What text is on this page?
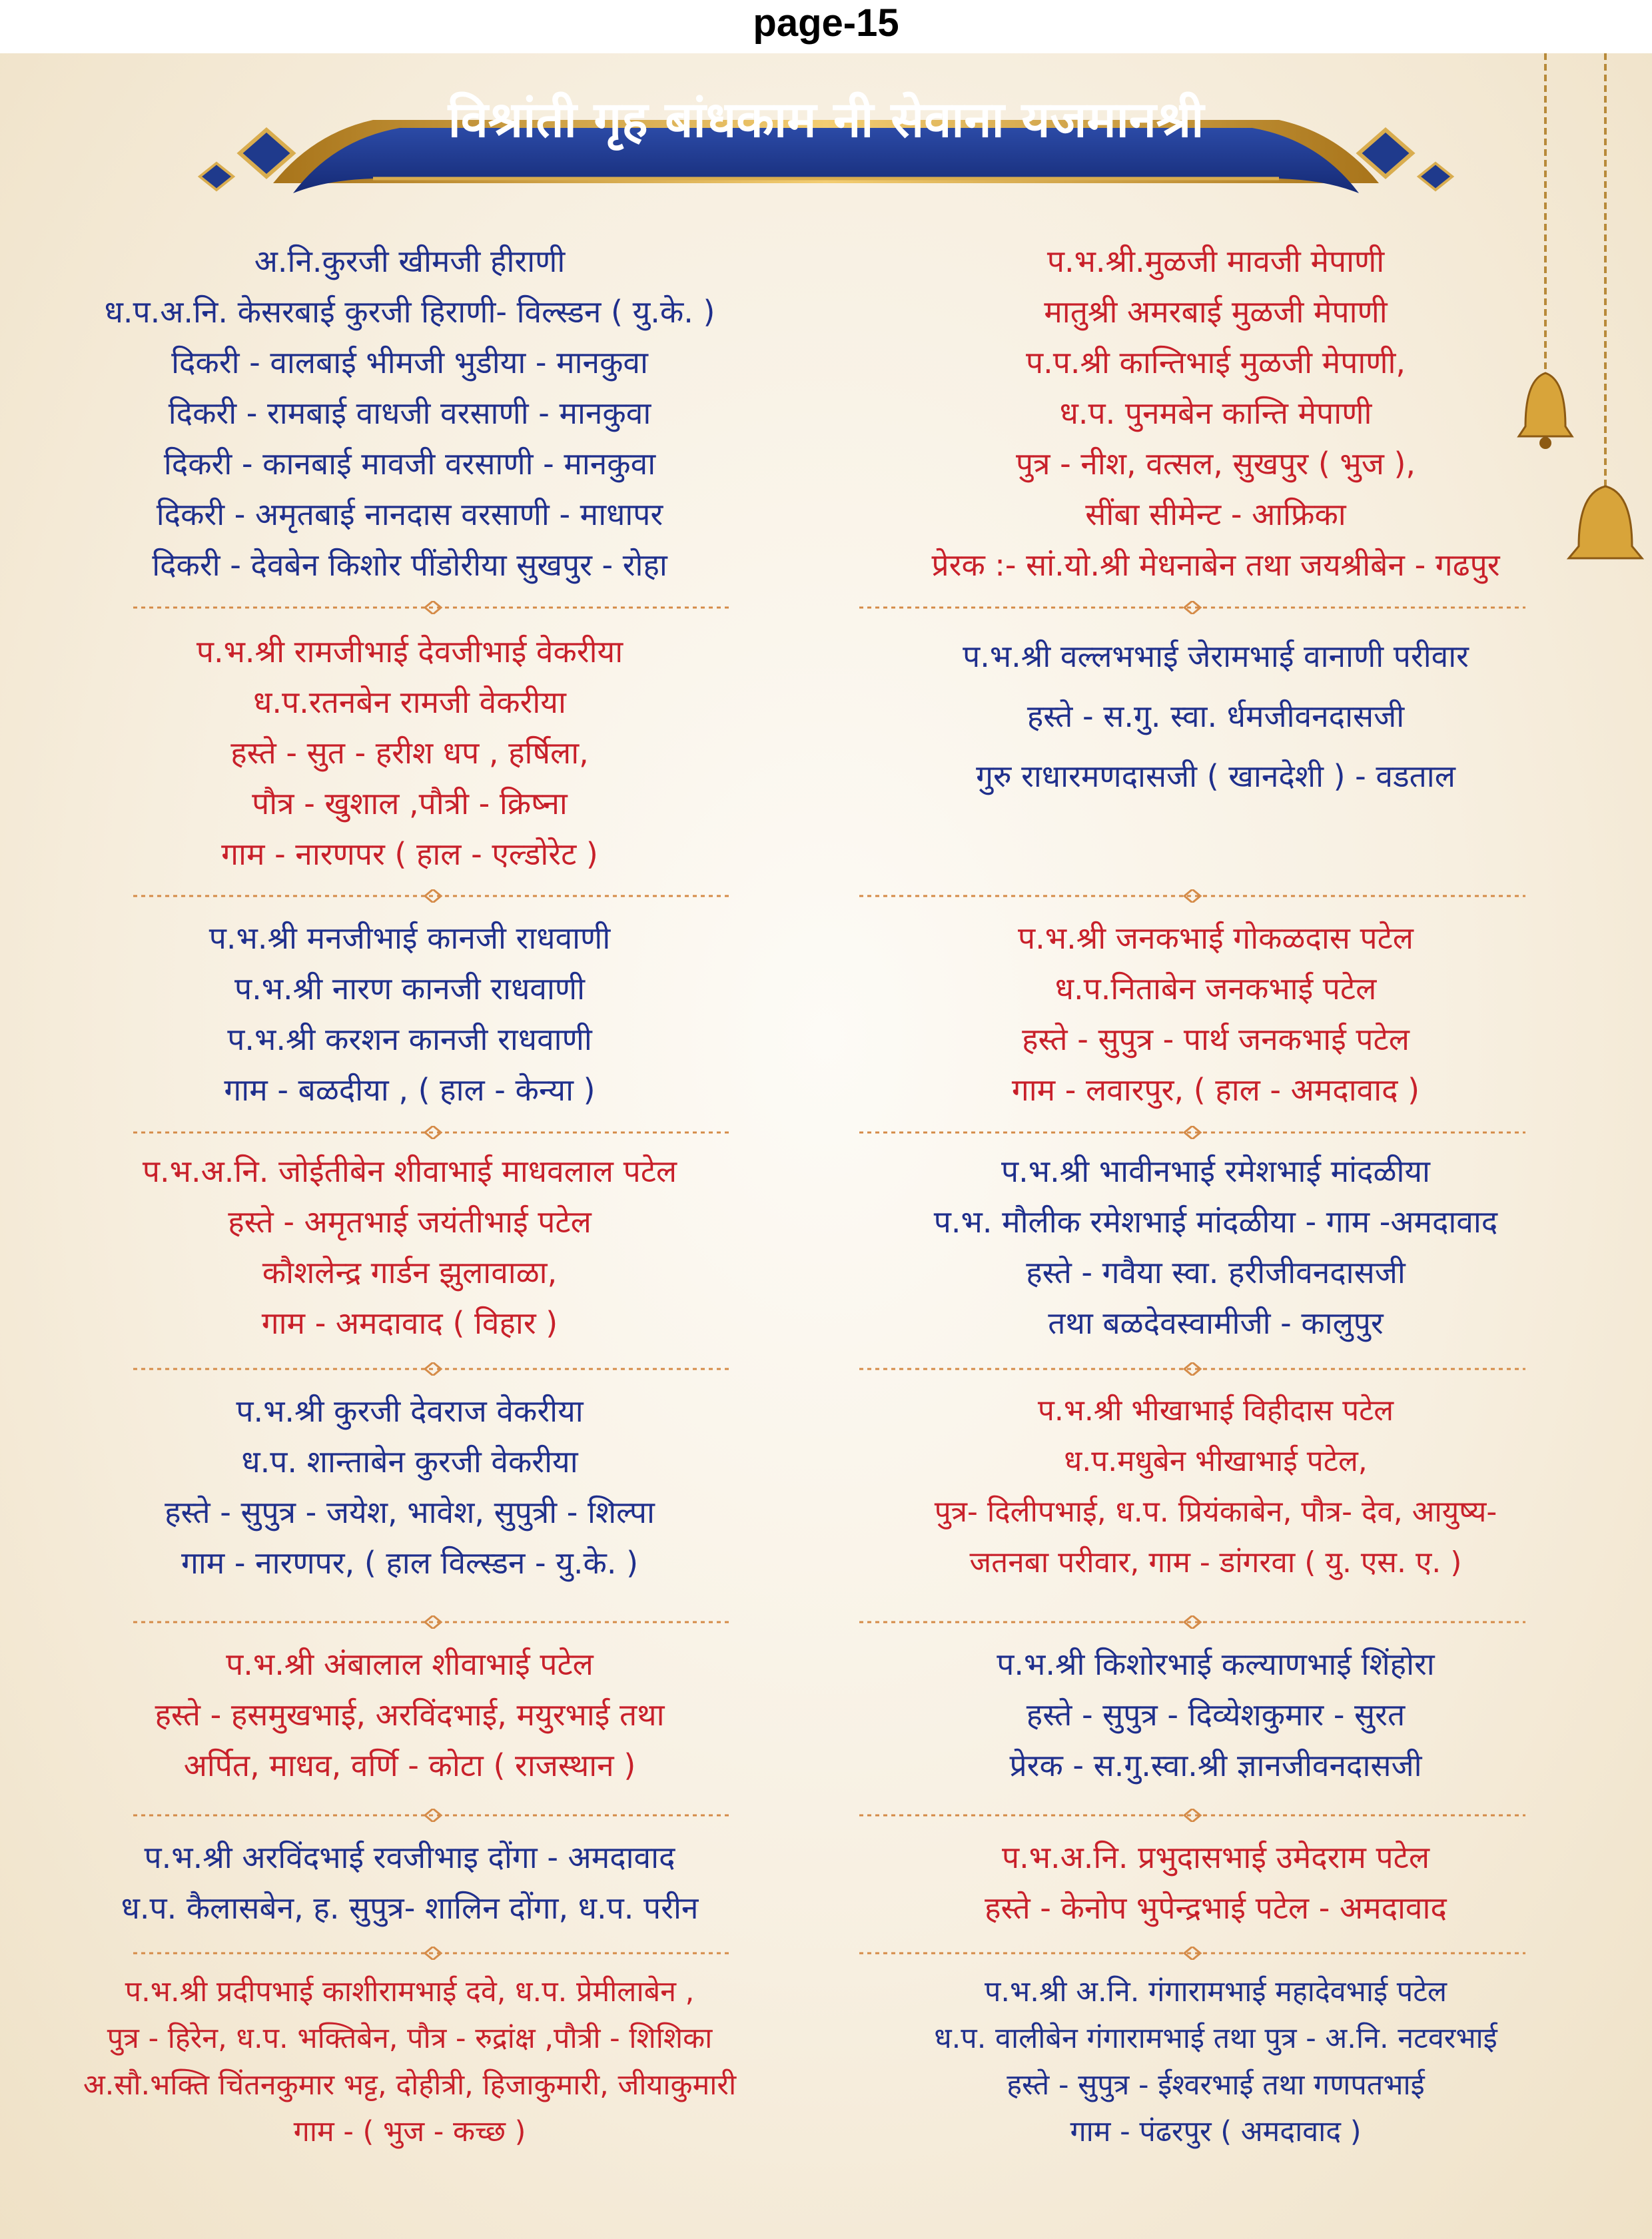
page-15
विश्रांती गृह बांधकाम नी सेवाना यजमानश्री
अ.नि.कुरजी खीमजी हीराणी
ध.प.अ.नि. केसरबाई कुरजी हिराणी- विल्स्डन ( यु.के. )
दिकरी - वालबाई भीमजी भुडीया - मानकुवा
दिकरी - रामबाई वाधजी वरसाणी - मानकुवा
दिकरी - कानबाई मावजी वरसाणी - मानकुवा
दिकरी - अमृतबाई नानदास वरसाणी - माधापर
दिकरी - देवबेन किशोर पींडोरीया सुखपुर - रोहा
प.भ.श्री रामजीभाई देवजीभाई वेकरीया
ध.प.रतनबेन रामजी वेकरीया
हस्ते - सुत - हरीश धप , हर्षिला,
पौत्र - खुशाल ,पौत्री - क्रिष्ना
गाम - नारणपर ( हाल - एल्डोरेट )
प.भ.श्री मनजीभाई कानजी राधवाणी
प.भ.श्री नारण कानजी राधवाणी
प.भ.श्री करशन कानजी राधवाणी
गाम - बळदीया , ( हाल - केन्या )
प.भ.अ.नि. जोईतीबेन शीवाभाई माधवलाल पटेल
हस्ते - अमृतभाई जयंतीभाई पटेल
कौशलेन्द्र गार्डन झुलावाळा,
गाम - अमदावाद ( विहार )
प.भ.श्री कुरजी देवराज वेकरीया
ध.प. शान्ताबेन कुरजी वेकरीया
हस्ते - सुपुत्र - जयेश, भावेश, सुपुत्री - शिल्पा
गाम - नारणपर, ( हाल विल्स्डन - यु.के. )
प.भ.श्री अंबालाल शीवाभाई पटेल
हस्ते - हसमुखभाई, अरविंदभाई, मयुरभाई तथा
अर्पित, माधव, वर्णि - कोटा ( राजस्थान )
प.भ.श्री अरविंदभाई रवजीभाइ दोंगा - अमदावाद
ध.प. कैलासबेन, ह. सुपुत्र- शालिन दोंगा, ध.प. परीन
प.भ.श्री प्रदीपभाई काशीरामभाई दवे, ध.प. प्रेमीलाबेन ,
पुत्र - हिरेन, ध.प. भक्तिबेन, पौत्र - रुद्रांक्ष ,पौत्री - शिशिका
अ.सौ.भक्ति चिंतनकुमार भट्ट, दोहीत्री, हिजाकुमारी, जीयाकुमारी
गाम - ( भुज - कच्छ )
प.भ.श्री.मुळजी मावजी मेपाणी
मातुश्री अमरबाई मुळजी मेपाणी
प.प.श्री कान्तिभाई मुळजी मेपाणी,
ध.प. पुनमबेन कान्ति मेपाणी
पुत्र - नीश, वत्सल, सुखपुर ( भुज ),
सींबा सीमेन्ट - आफ्रिका
प्रेरक :- सां.यो.श्री मेधनाबेन तथा जयश्रीबेन - गढपुर
प.भ.श्री वल्लभभाई जेरामभाई वानाणी परीवार
हस्ते - स.गु. स्वा. र्धमजीवनदासजी
गुरु राधारमणदासजी ( खानदेशी ) - वडताल
प.भ.श्री जनकभाई गोकळदास पटेल
ध.प.निताबेन जनकभाई पटेल
हस्ते - सुपुत्र - पार्थ जनकभाई पटेल
गाम - लवारपुर, ( हाल - अमदावाद )
प.भ.श्री भावीनभाई रमेशभाई मांदळीया
प.भ. मौलीक रमेशभाई मांदळीया - गाम -अमदावाद
हस्ते - गवैया स्वा. हरीजीवनदासजी
तथा बळदेवस्वामीजी - कालुपुर
प.भ.श्री भीखाभाई विहीदास पटेल
ध.प.मधुबेन भीखाभाई पटेल,
पुत्र- दिलीपभाई, ध.प. प्रियंकाबेन, पौत्र- देव, आयुष्य-
जतनबा परीवार, गाम - डांगरवा ( यु. एस. ए. )
प.भ.श्री किशोरभाई कल्याणभाई शिंहोरा
हस्ते - सुपुत्र - दिव्येशकुमार - सुरत
प्रेरक - स.गु.स्वा.श्री ज्ञानजीवनदासजी
प.भ.अ.नि. प्रभुदासभाई उमेदराम पटेल
हस्ते - केनोप भुपेन्द्रभाई पटेल - अमदावाद
प.भ.श्री अ.नि. गंगारामभाई महादेवभाई पटेल
ध.प. वालीबेन गंगारामभाई तथा पुत्र - अ.नि. नटवरभाई
हस्ते - सुपुत्र - ईश्वरभाई तथा गणपतभाई
गाम - पंढरपुर ( अमदावाद )
